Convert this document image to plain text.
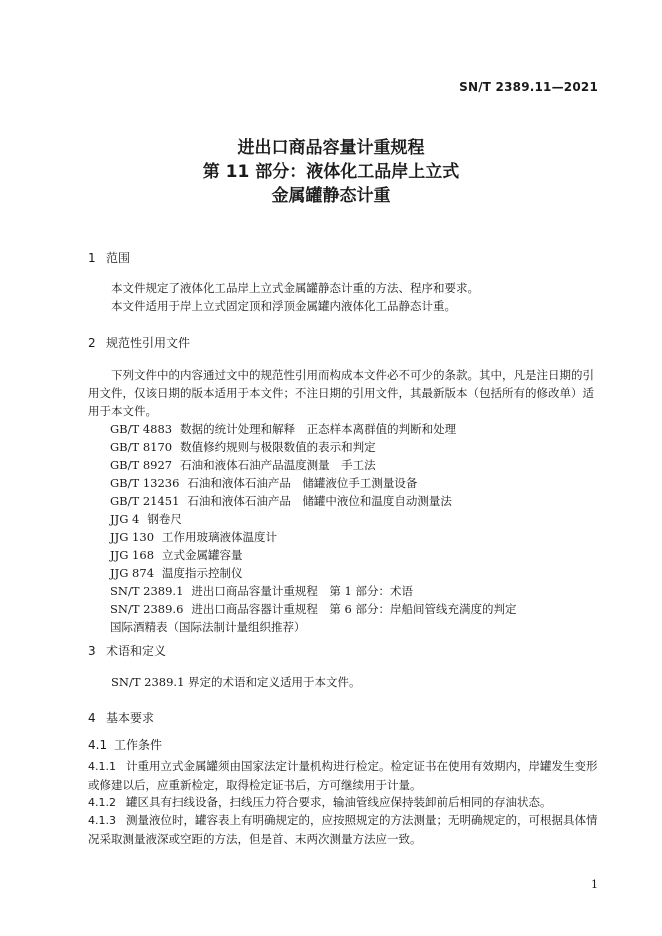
SN/T 2389.11—2021
进出口商品容量计重规程
第 11 部分：液体化工品岸上立式
金属罐静态计重
1 范围
本文件规定了液体化工品岸上立式金属罐静态计重的方法、程序和要求。
本文件适用于岸上立式固定顶和浮顶金属罐内液体化工品静态计重。
2 规范性引用文件
下列文件中的内容通过文中的规范性引用而构成本文件必不可少的条款。其中，凡是注日期的引用文件，仅该日期的版本适用于本文件；不注日期的引用文件，其最新版本（包括所有的修改单）适用于本文件。
GB/T 4883 数据的统计处理和解释　正态样本离群值的判断和处理
GB/T 8170 数值修约规则与极限数值的表示和判定
GB/T 8927 石油和液体石油产品温度测量　手工法
GB/T 13236 石油和液体石油产品　储罐液位手工测量设备
GB/T 21451 石油和液体石油产品　储罐中液位和温度自动测量法
JJG 4 钢卷尺
JJG 130 工作用玻璃液体温度计
JJG 168 立式金属罐容量
JJG 874 温度指示控制仪
SN/T 2389.1 进出口商品容量计重规程　第 1 部分：术语
SN/T 2389.6 进出口商品容器计重规程　第 6 部分：岸船间管线充满度的判定
国际酒精表（国际法制计量组织推荐）
3 术语和定义
SN/T 2389.1 界定的术语和定义适用于本文件。
4 基本要求
4.1 工作条件
4.1.1 计重用立式金属罐须由国家法定计量机构进行检定。检定证书在使用有效期内，岸罐发生变形或修建以后，应重新检定，取得检定证书后，方可继续用于计量。
4.1.2 罐区具有扫线设备，扫线压力符合要求，输油管线应保持装卸前后相同的存油状态。
4.1.3 测量液位时，罐容表上有明确规定的，应按照规定的方法测量；无明确规定的，可根据具体情况采取测量液深或空距的方法，但是首、末两次测量方法应一致。
1
